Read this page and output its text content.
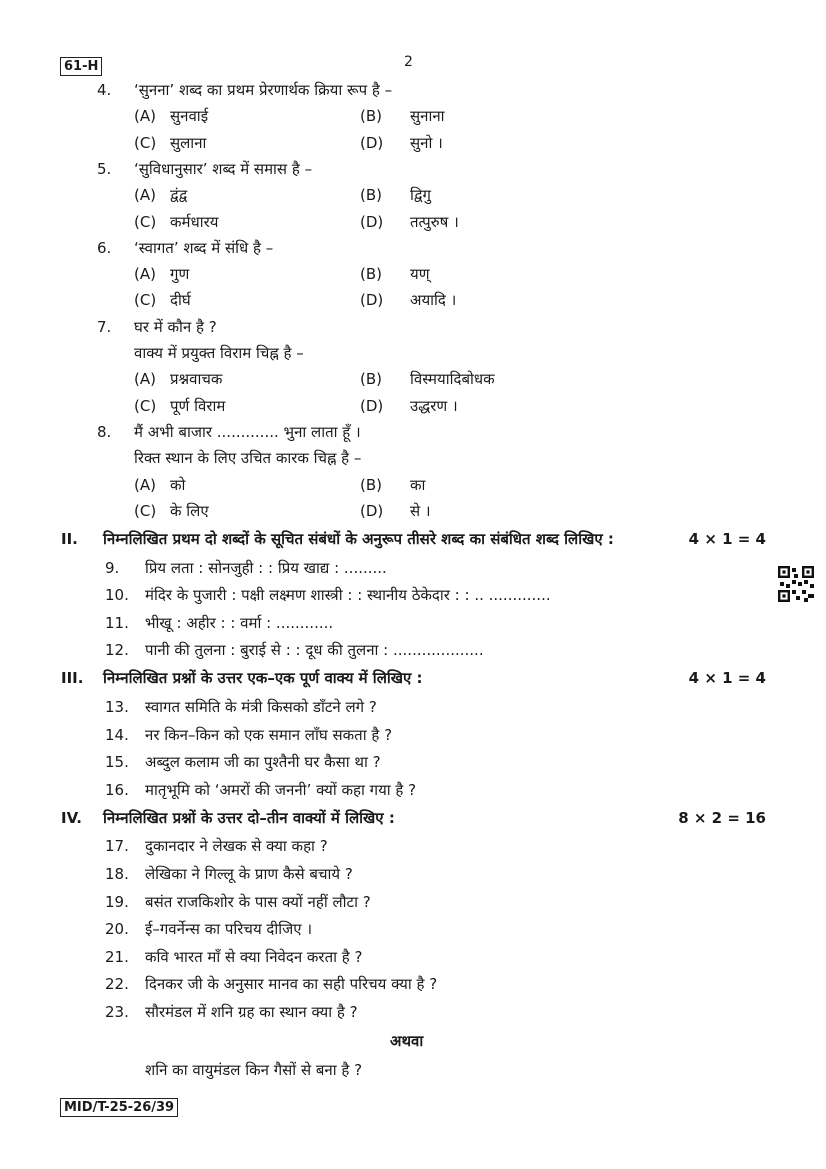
61-H	2
4. ‘सुनना’ शब्द का प्रथम प्रेरणार्थक क्रिया रूप है –
(A) सुनवाई	(B) सुनाना
(C) सुलाना	(D) सुनो ।
5. ‘सुविधानुसार’ शब्द में समास है –
(A) द्वंद्व	(B) द्विगु
(C) कर्मधारय	(D) तत्पुरुष ।
6. ‘स्वागत’ शब्द में संधि है –
(A) गुण	(B) यण्
(C) दीर्घ	(D) अयादि ।
7. घर में कौन है ?
वाक्य में प्रयुक्त विराम चिह्न है –
(A) प्रश्नवाचक	(B) विस्मयादिबोधक
(C) पूर्ण विराम	(D) उद्धरण ।
8. मैं अभी बाजार ............. भुना लाता हूँ ।
रिक्त स्थान के लिए उचित कारक चिह्न है –
(A) को	(B) का
(C) के लिए	(D) से ।
II. निम्नलिखित प्रथम दो शब्दों के सूचित संबंधों के अनुरूप तीसरे शब्द का संबंधित शब्द लिखिए :	4 × 1 = 4
9. प्रिय लता : सोनजुही : : प्रिय खाद्य : .........
10. मंदिर के पुजारी : पक्षी लक्ष्मण शास्त्री : : स्थानीय ठेकेदार : : .. .............
11. भीखू : अहीर : : वर्मा : ............
12. पानी की तुलना : बुराई से : : दूध की तुलना : ...................
III. निम्नलिखित प्रश्नों के उत्तर एक–एक पूर्ण वाक्य में लिखिए :	4 × 1 = 4
13. स्वागत समिति के मंत्री किसको डाँटने लगे ?
14. नर किन–किन को एक समान लाँघ सकता है ?
15. अब्दुल कलाम जी का पुश्तैनी घर कैसा था ?
16. मातृभूमि को ‘अमरों की जननी’ क्यों कहा गया है ?
IV. निम्नलिखित प्रश्नों के उत्तर दो–तीन वाक्यों में लिखिए :	8 × 2 = 16
17. दुकानदार ने लेखक से क्या कहा ?
18. लेखिका ने गिल्लू के प्राण कैसे बचाये ?
19. बसंत राजकिशोर के पास क्यों नहीं लौटा ?
20. ई–गवर्नेन्स का परिचय दीजिए ।
21. कवि भारत माँ से क्या निवेदन करता है ?
22. दिनकर जी के अनुसार मानव का सही परिचय क्या है ?
23. सौरमंडल में शनि ग्रह का स्थान क्या है ?
अथवा
शनि का वायुमंडल किन गैसों से बना है ?
MID/T-25-26/39
